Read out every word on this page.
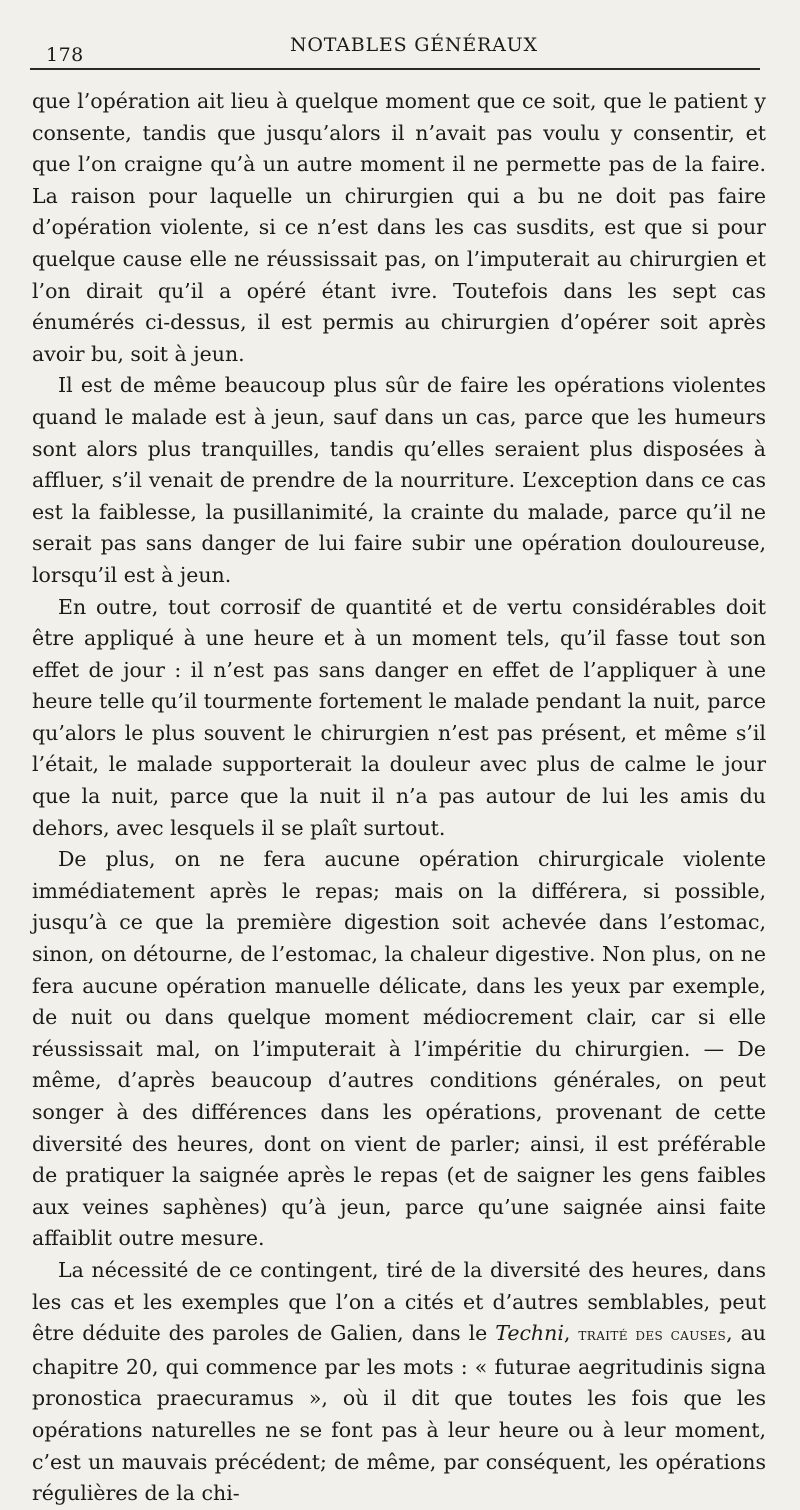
178	NOTABLES GÉNÉRAUX

que l’opération ait lieu à quelque moment que ce soit, que le patient y consente, tandis que jusqu’alors il n’avait pas voulu y consentir, et que l’on craigne qu’à un autre moment il ne permette pas de la faire. La raison pour laquelle un chirurgien qui a bu ne doit pas faire d’opération violente, si ce n’est dans les cas susdits, est que si pour quelque cause elle ne réussissait pas, on l’imputerait au chirurgien et l’on dirait qu’il a opéré étant ivre. Toutefois dans les sept cas énumérés ci-dessus, il est permis au chirurgien d’opérer soit après avoir bu, soit à jeun.

Il est de même beaucoup plus sûr de faire les opérations violentes quand le malade est à jeun, sauf dans un cas, parce que les humeurs sont alors plus tranquilles, tandis qu’elles seraient plus disposées à affluer, s’il venait de prendre de la nourriture. L’exception dans ce cas est la faiblesse, la pusillanimité, la crainte du malade, parce qu’il ne serait pas sans danger de lui faire subir une opération douloureuse, lorsqu’il est à jeun.

En outre, tout corrosif de quantité et de vertu considérables doit être appliqué à une heure et à un moment tels, qu’il fasse tout son effet de jour : il n’est pas sans danger en effet de l’appliquer à une heure telle qu’il tourmente fortement le malade pendant la nuit, parce qu’alors le plus souvent le chirurgien n’est pas présent, et même s’il l’était, le malade supporterait la douleur avec plus de calme le jour que la nuit, parce que la nuit il n’a pas autour de lui les amis du dehors, avec lesquels il se plaît surtout.

De plus, on ne fera aucune opération chirurgicale violente immédiatement après le repas; mais on la différera, si possible, jusqu’à ce que la première digestion soit achevée dans l’estomac, sinon, on détourne, de l’estomac, la chaleur digestive. Non plus, on ne fera aucune opération manuelle délicate, dans les yeux par exemple, de nuit ou dans quelque moment médiocrement clair, car si elle réussissait mal, on l’imputerait à l’impéritie du chirurgien. — De même, d’après beaucoup d’autres conditions générales, on peut songer à des différences dans les opérations, provenant de cette diversité des heures, dont on vient de parler; ainsi, il est préférable de pratiquer la saignée après le repas (et de saigner les gens faibles aux veines saphènes) qu’à jeun, parce qu’une saignée ainsi faite affaiblit outre mesure.

La nécessité de ce contingent, tiré de la diversité des heures, dans les cas et les exemples que l’on a cités et d’autres semblables, peut être déduite des paroles de Galien, dans le Techni, traité des causes, au chapitre 20, qui commence par les mots : « futurae aegritudinis signa pronostica praecuramus », où il dit que toutes les fois que les opérations naturelles ne se font pas à leur heure ou à leur moment, c’est un mauvais précédent; de même, par conséquent, les opérations régulières de la chi-
